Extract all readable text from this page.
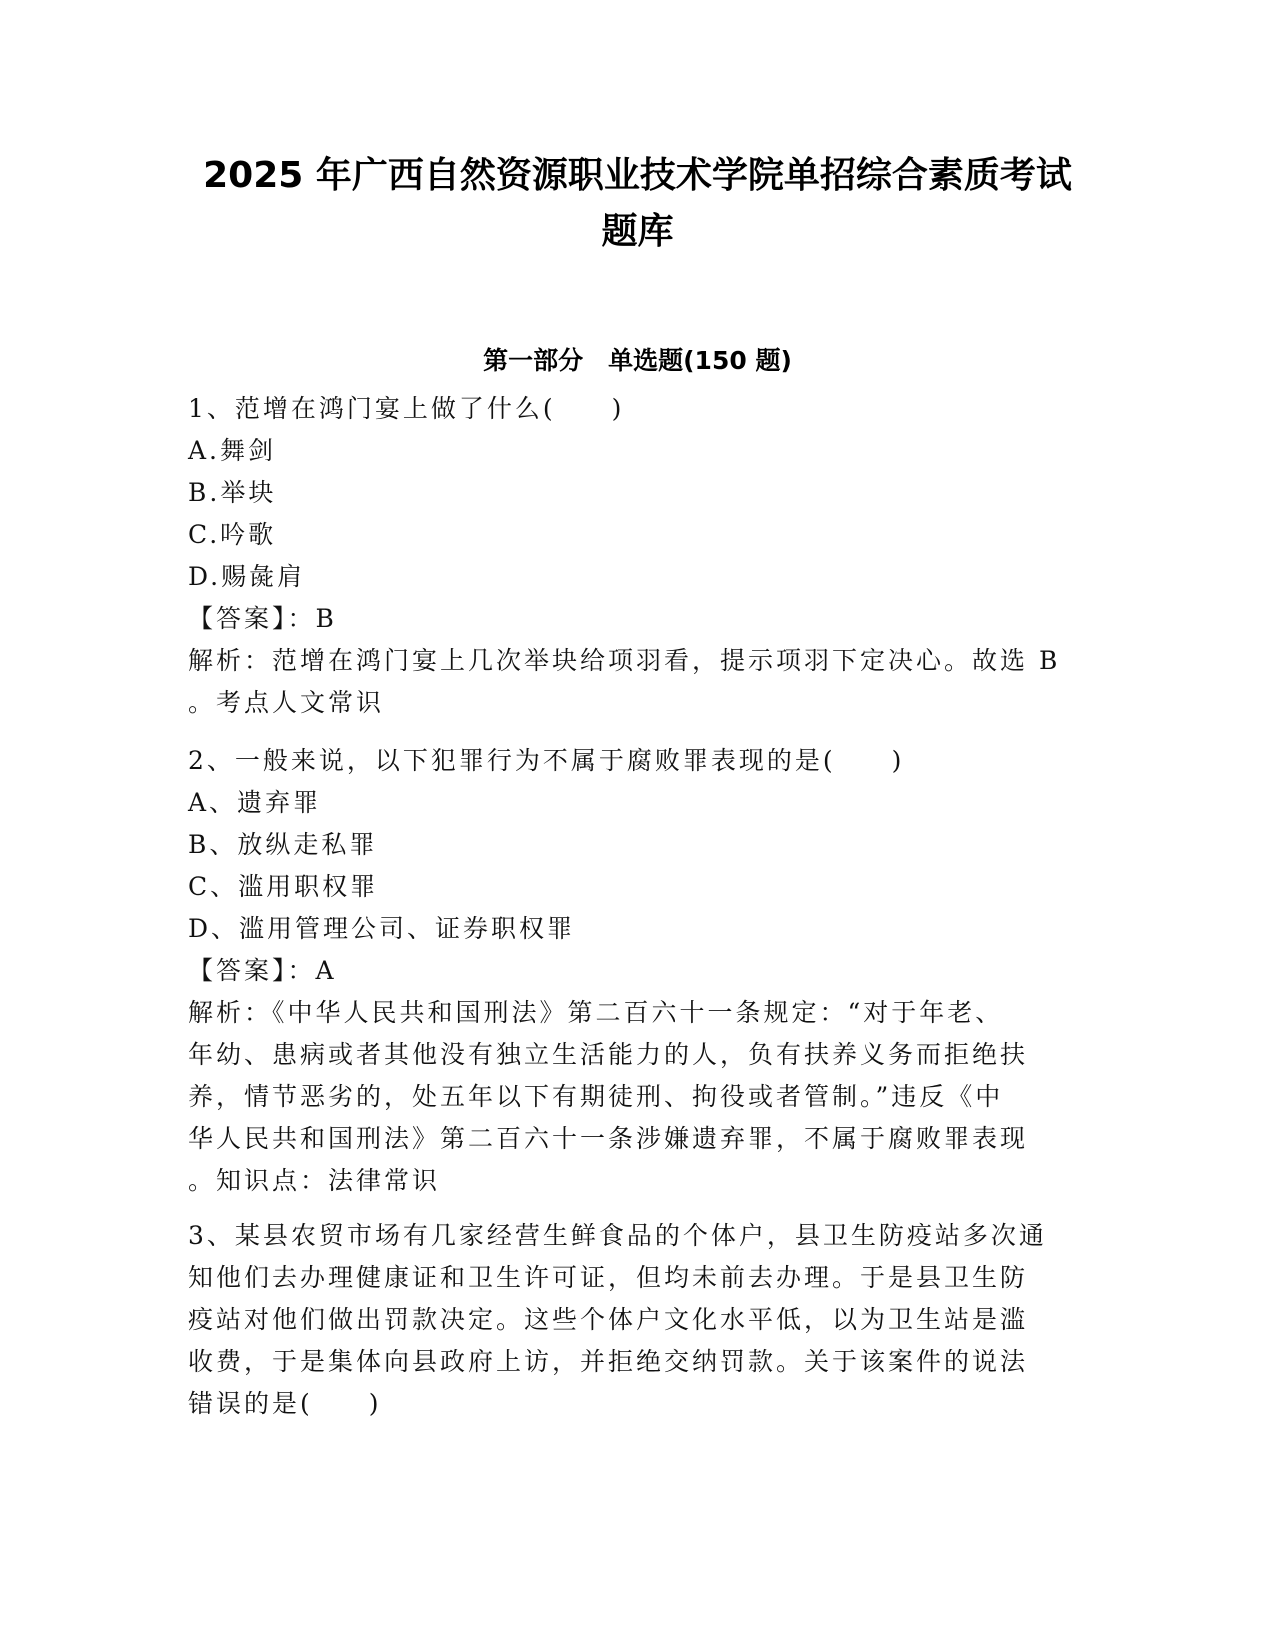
2025 年广西自然资源职业技术学院单招综合素质考试
题库
第一部分　单选题(150 题)

1、范增在鸿门宴上做了什么(　　)

A.舞剑

B.举块

C.吟歌

D.赐彘肩

【答案】：B

解析：范增在鸿门宴上几次举块给项羽看，提示项羽下定决心。故选 B

。考点人文常识

2、一般来说，以下犯罪行为不属于腐败罪表现的是(　　)

A、遗弃罪

B、放纵走私罪

C、滥用职权罪

D、滥用管理公司、证券职权罪

【答案】：A

解析：《中华人民共和国刑法》第二百六十一条规定：“对于年老、

年幼、患病或者其他没有独立生活能力的人，负有扶养义务而拒绝扶

养，情节恶劣的，处五年以下有期徒刑、拘役或者管制。”违反《中

华人民共和国刑法》第二百六十一条涉嫌遗弃罪，不属于腐败罪表现

。知识点：法律常识

3、某县农贸市场有几家经营生鲜食品的个体户，县卫生防疫站多次通

知他们去办理健康证和卫生许可证，但均未前去办理。于是县卫生防

疫站对他们做出罚款决定。这些个体户文化水平低，以为卫生站是滥

收费，于是集体向县政府上访，并拒绝交纳罚款。关于该案件的说法

错误的是(　　)
